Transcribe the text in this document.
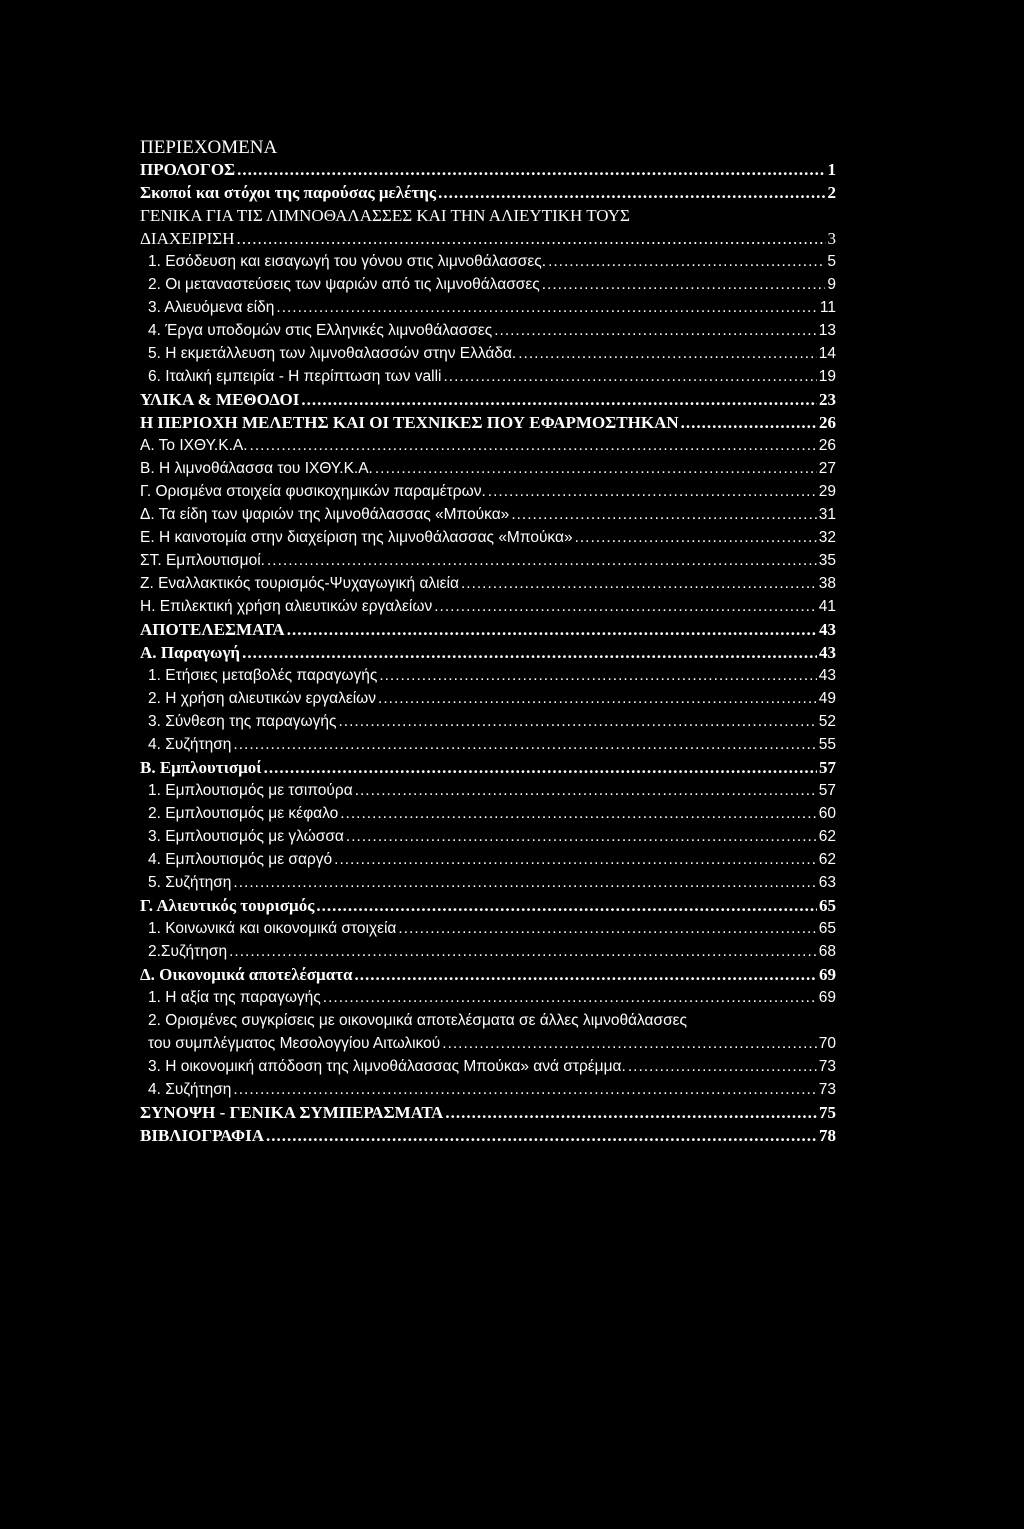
ΠΕΡΙΕΧΟΜΕΝΑ
ΠΡΟΛΟΓΟΣ .....	1
Σκοποί και στόχοι της παρούσας μελέτης .....	2
ΓΕΝΙΚΑ ΓΙΑ ΤΙΣ ΛΙΜΝΟΘΑΛΑΣΣΕΣ ΚΑΙ ΤΗΝ ΑΛΙΕΥΤΙΚΗ ΤΟΥΣ
ΔΙΑΧΕΙΡΙΣΗ .....	3
1. Εσόδευση και εισαγωγή του γόνου στις λιμνοθάλασσες. .....	5
2. Οι μεταναστεύσεις των ψαριών από τις λιμνοθάλασσες .....	9
3. Αλιευόμενα είδη .....	11
4. Έργα υποδομών στις Ελληνικές λιμνοθάλασσες .....	13
5. Η εκμετάλλευση των λιμνοθαλασσών στην Ελλάδα. .....	14
6. Ιταλική εμπειρία - Η περίπτωση των valli .....	19
ΥΛΙΚΑ & ΜΕΘΟΔΟΙ .....	23
Η ΠΕΡΙΟΧΗ ΜΕΛΕΤΗΣ ΚΑΙ ΟΙ ΤΕΧΝΙΚΕΣ ΠΟΥ ΕΦΑΡΜΟΣΤΗΚΑΝ .....	26
Α. Το ΙΧΘΥ.Κ.Α. .....	26
Β. Η λιμνοθάλασσα του ΙΧΘΥ.Κ.Α. .....	27
Γ. Ορισμένα στοιχεία φυσικοχημικών παραμέτρων. .....	29
Δ. Τα είδη των ψαριών της λιμνοθάλασσας «Μπούκα» .....	31
Ε. Η καινοτομία στην διαχείριση της λιμνοθάλασσας «Μπούκα» .....	32
ΣΤ. Εμπλουτισμοί. .....	35
Ζ. Εναλλακτικός τουρισμός-Ψυχαγωγική αλιεία .....	38
Η. Επιλεκτική χρήση αλιευτικών εργαλείων .....	41
ΑΠΟΤΕΛΕΣΜΑΤΑ .....	43
Α. Παραγωγή .....	43
1. Ετήσιες μεταβολές παραγωγής .....	43
2. Η χρήση αλιευτικών εργαλείων .....	49
3. Σύνθεση της παραγωγής .....	52
4. Συζήτηση .....	55
Β. Εμπλουτισμοί .....	57
1. Εμπλουτισμός με τσιπούρα .....	57
2. Εμπλουτισμός με κέφαλο .....	60
3. Εμπλουτισμός με γλώσσα .....	62
4. Εμπλουτισμός με σαργό .....	62
5. Συζήτηση .....	63
Γ. Αλιευτικός τουρισμός .....	65
1. Κοινωνικά και οικονομικά στοιχεία .....	65
2.Συζήτηση .....	68
Δ. Οικονομικά αποτελέσματα .....	69
1. Η αξία της παραγωγής .....	69
2. Ορισμένες συγκρίσεις με οικονομικά αποτελέσματα σε άλλες λιμνοθάλασσες
του συμπλέγματος Μεσολογγίου Αιτωλικού .....	70
3. Η οικονομική απόδοση της λιμνοθάλασσας Μπούκα» ανά στρέμμα. .....	73
4. Συζήτηση .....	73
ΣΥΝΟΨΗ - ΓΕΝΙΚΑ ΣΥΜΠΕΡΑΣΜΑΤΑ .....	75
ΒΙΒΛΙΟΓΡΑΦΙΑ .....	78
